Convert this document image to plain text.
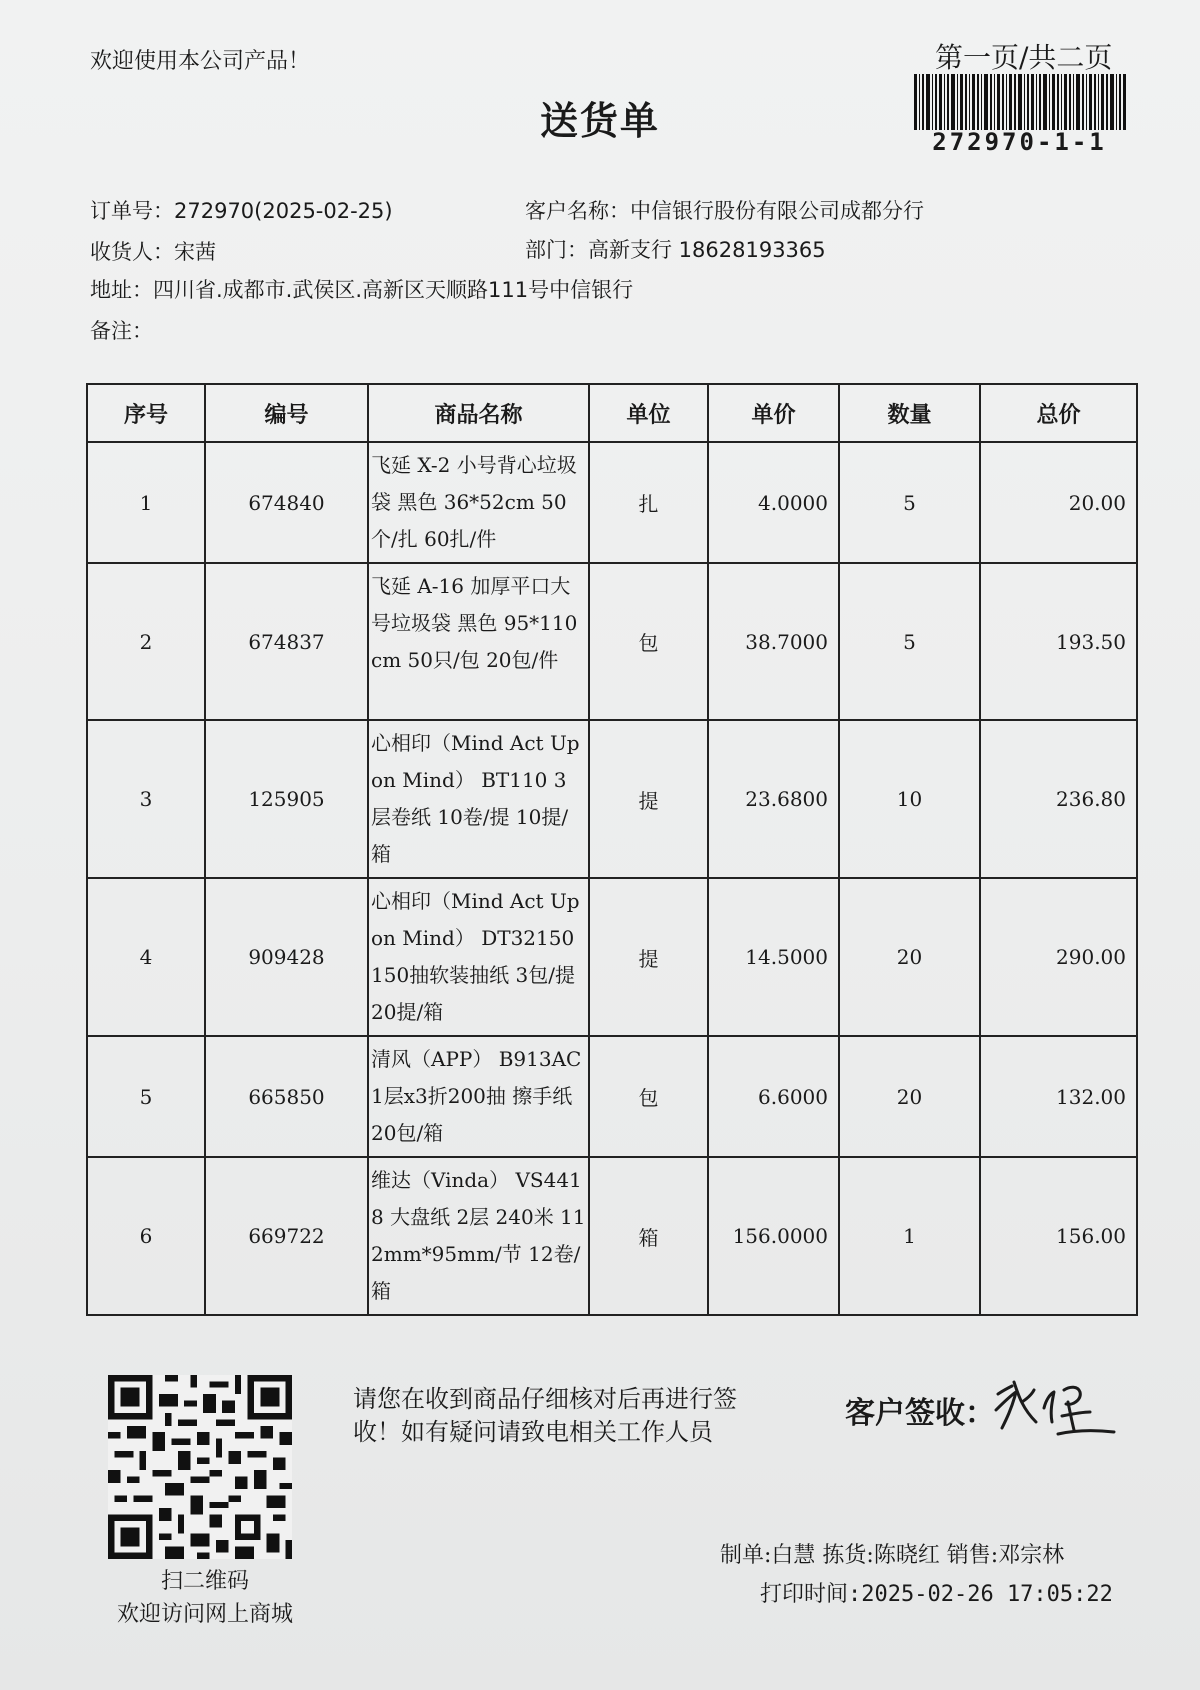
欢迎使用本公司产品！
送货单
第一页/共二页
272970-1-1
订单号：272970(2025-02-25)	客户名称：中信银行股份有限公司成都分行
收货人：宋茜	部门：高新支行 18628193365
地址：四川省.成都市.武侯区.高新区天顺路111号中信银行
备注：
序号	编号	商品名称	单位	单价	数量	总价
1	674840	飞延 X-2 小号背心垃圾袋 黑色 36*52cm 50个/扎 60扎/件	扎	4.0000	5	20.00
2	674837	飞延 A-16 加厚平口大号垃圾袋 黑色 95*110cm 50只/包 20包/件	包	38.7000	5	193.50
3	125905	心相印（Mind Act Upon Mind） BT110 3层卷纸 10卷/提 10提/箱	提	23.6800	10	236.80
4	909428	心相印（Mind Act Upon Mind） DT32150 150抽软装抽纸 3包/提 20提/箱	提	14.5000	20	290.00
5	665850	清风（APP） B913AC 1层x3折200抽 擦手纸 20包/箱	包	6.6000	20	132.00
6	669722	维达（Vinda） VS4418 大盘纸 2层 240米 112mm*95mm/节 12卷/箱	箱	156.0000	1	156.00
扫二维码
欢迎访问网上商城
请您在收到商品仔细核对后再进行签收！如有疑问请致电相关工作人员
客户签收：
制单:白慧 拣货:陈晓红 销售:邓宗林
打印时间:2025-02-26 17:05:22
